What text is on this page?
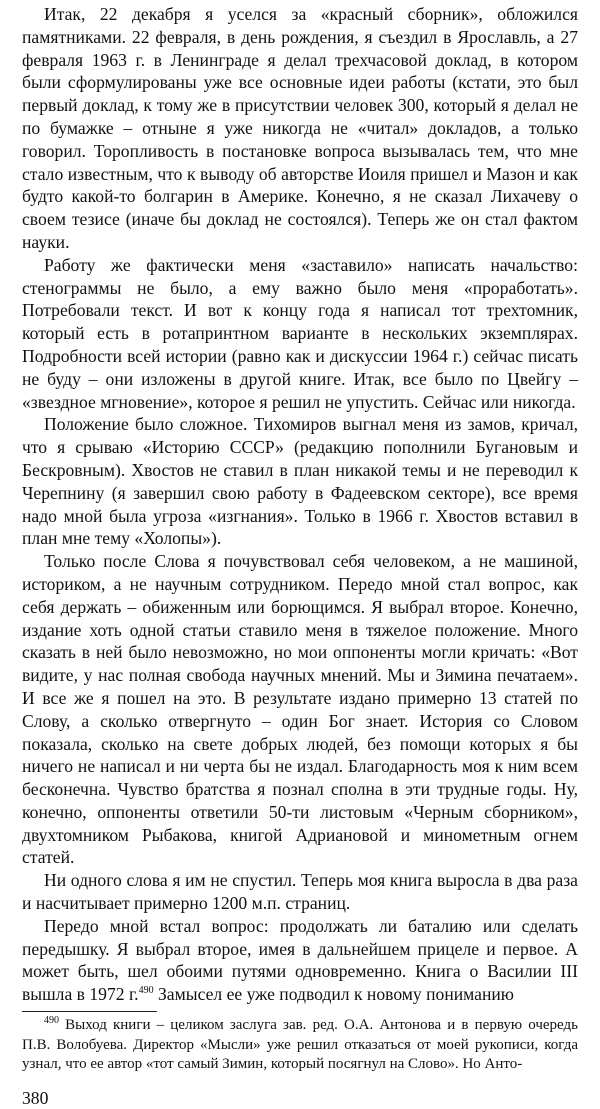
Итак, 22 декабря я уселся за «красный сборник», обложился памятниками. 22 февраля, в день рождения, я съездил в Ярославль, а 27 февраля 1963 г. в Ленинграде я делал трехчасовой доклад, в котором были сформулированы уже все основные идеи работы (кстати, это был первый доклад, к тому же в присутствии человек 300, который я делал не по бумажке – отныне я уже никогда не «читал» докладов, а только говорил. Торопливость в постановке вопроса вызывалась тем, что мне стало известным, что к выводу об авторстве Иоиля пришел и Мазон и как будто какой-то болгарин в Америке. Конечно, я не сказал Лихачеву о своем тезисе (иначе бы доклад не состоялся). Теперь же он стал фактом науки.

Работу же фактически меня «заставило» написать начальство: стенограммы не было, а ему важно было меня «проработать». Потребовали текст. И вот к концу года я написал тот трехтомник, который есть в ротапринтном варианте в нескольких экземплярах. Подробности всей истории (равно как и дискуссии 1964 г.) сейчас писать не буду – они изложены в другой книге. Итак, все было по Цвейгу – «звездное мгновение», которое я решил не упустить. Сейчас или никогда.

Положение было сложное. Тихомиров выгнал меня из замов, кричал, что я срываю «Историю СССР» (редакцию пополнили Бугановым и Бескровным). Хвостов не ставил в план никакой темы и не переводил к Черепнину (я завершил свою работу в Фадеевском секторе), все время надо мной была угроза «изгнания». Только в 1966 г. Хвостов вставил в план мне тему «Холопы»).

Только после Слова я почувствовал себя человеком, а не машиной, историком, а не научным сотрудником. Передо мной стал вопрос, как себя держать – обиженным или борющимся. Я выбрал второе. Конечно, издание хоть одной статьи ставило меня в тяжелое положение. Много сказать в ней было невозможно, но мои оппоненты могли кричать: «Вот видите, у нас полная свобода научных мнений. Мы и Зимина печатаем». И все же я пошел на это. В результате издано примерно 13 статей по Слову, а сколько отвергнуто – один Бог знает. История со Словом показала, сколько на свете добрых людей, без помощи которых я бы ничего не написал и ни черта бы не издал. Благодарность моя к ним всем бесконечна. Чувство братства я познал сполна в эти трудные годы. Ну, конечно, оппоненты ответили 50-ти листовым «Черным сборником», двухтомником Рыбакова, книгой Адриановой и миномeтным огнем статей.

Ни одного слова я им не спустил. Теперь моя книга выросла в два раза и насчитывает примерно 1200 м.п. страниц.

Передо мной встал вопрос: продолжать ли баталию или сделать передышку. Я выбрал второе, имея в дальнейшем прицеле и первое. А может быть, шел обоими путями одновременно. Книга о Василии III вышла в 1972 г.$^{490}$ Замысел ее уже подводил к новому пониманию

$^{490}$ Выход книги – целиком заслуга зав. ред. О.А. Антонова и в первую очередь П.В. Волобуева. Директор «Мысли» уже решил отказаться от моей рукописи, когда узнал, что ее автор «тот самый Зимин, который посягнул на Слово». Но Анто-

380
